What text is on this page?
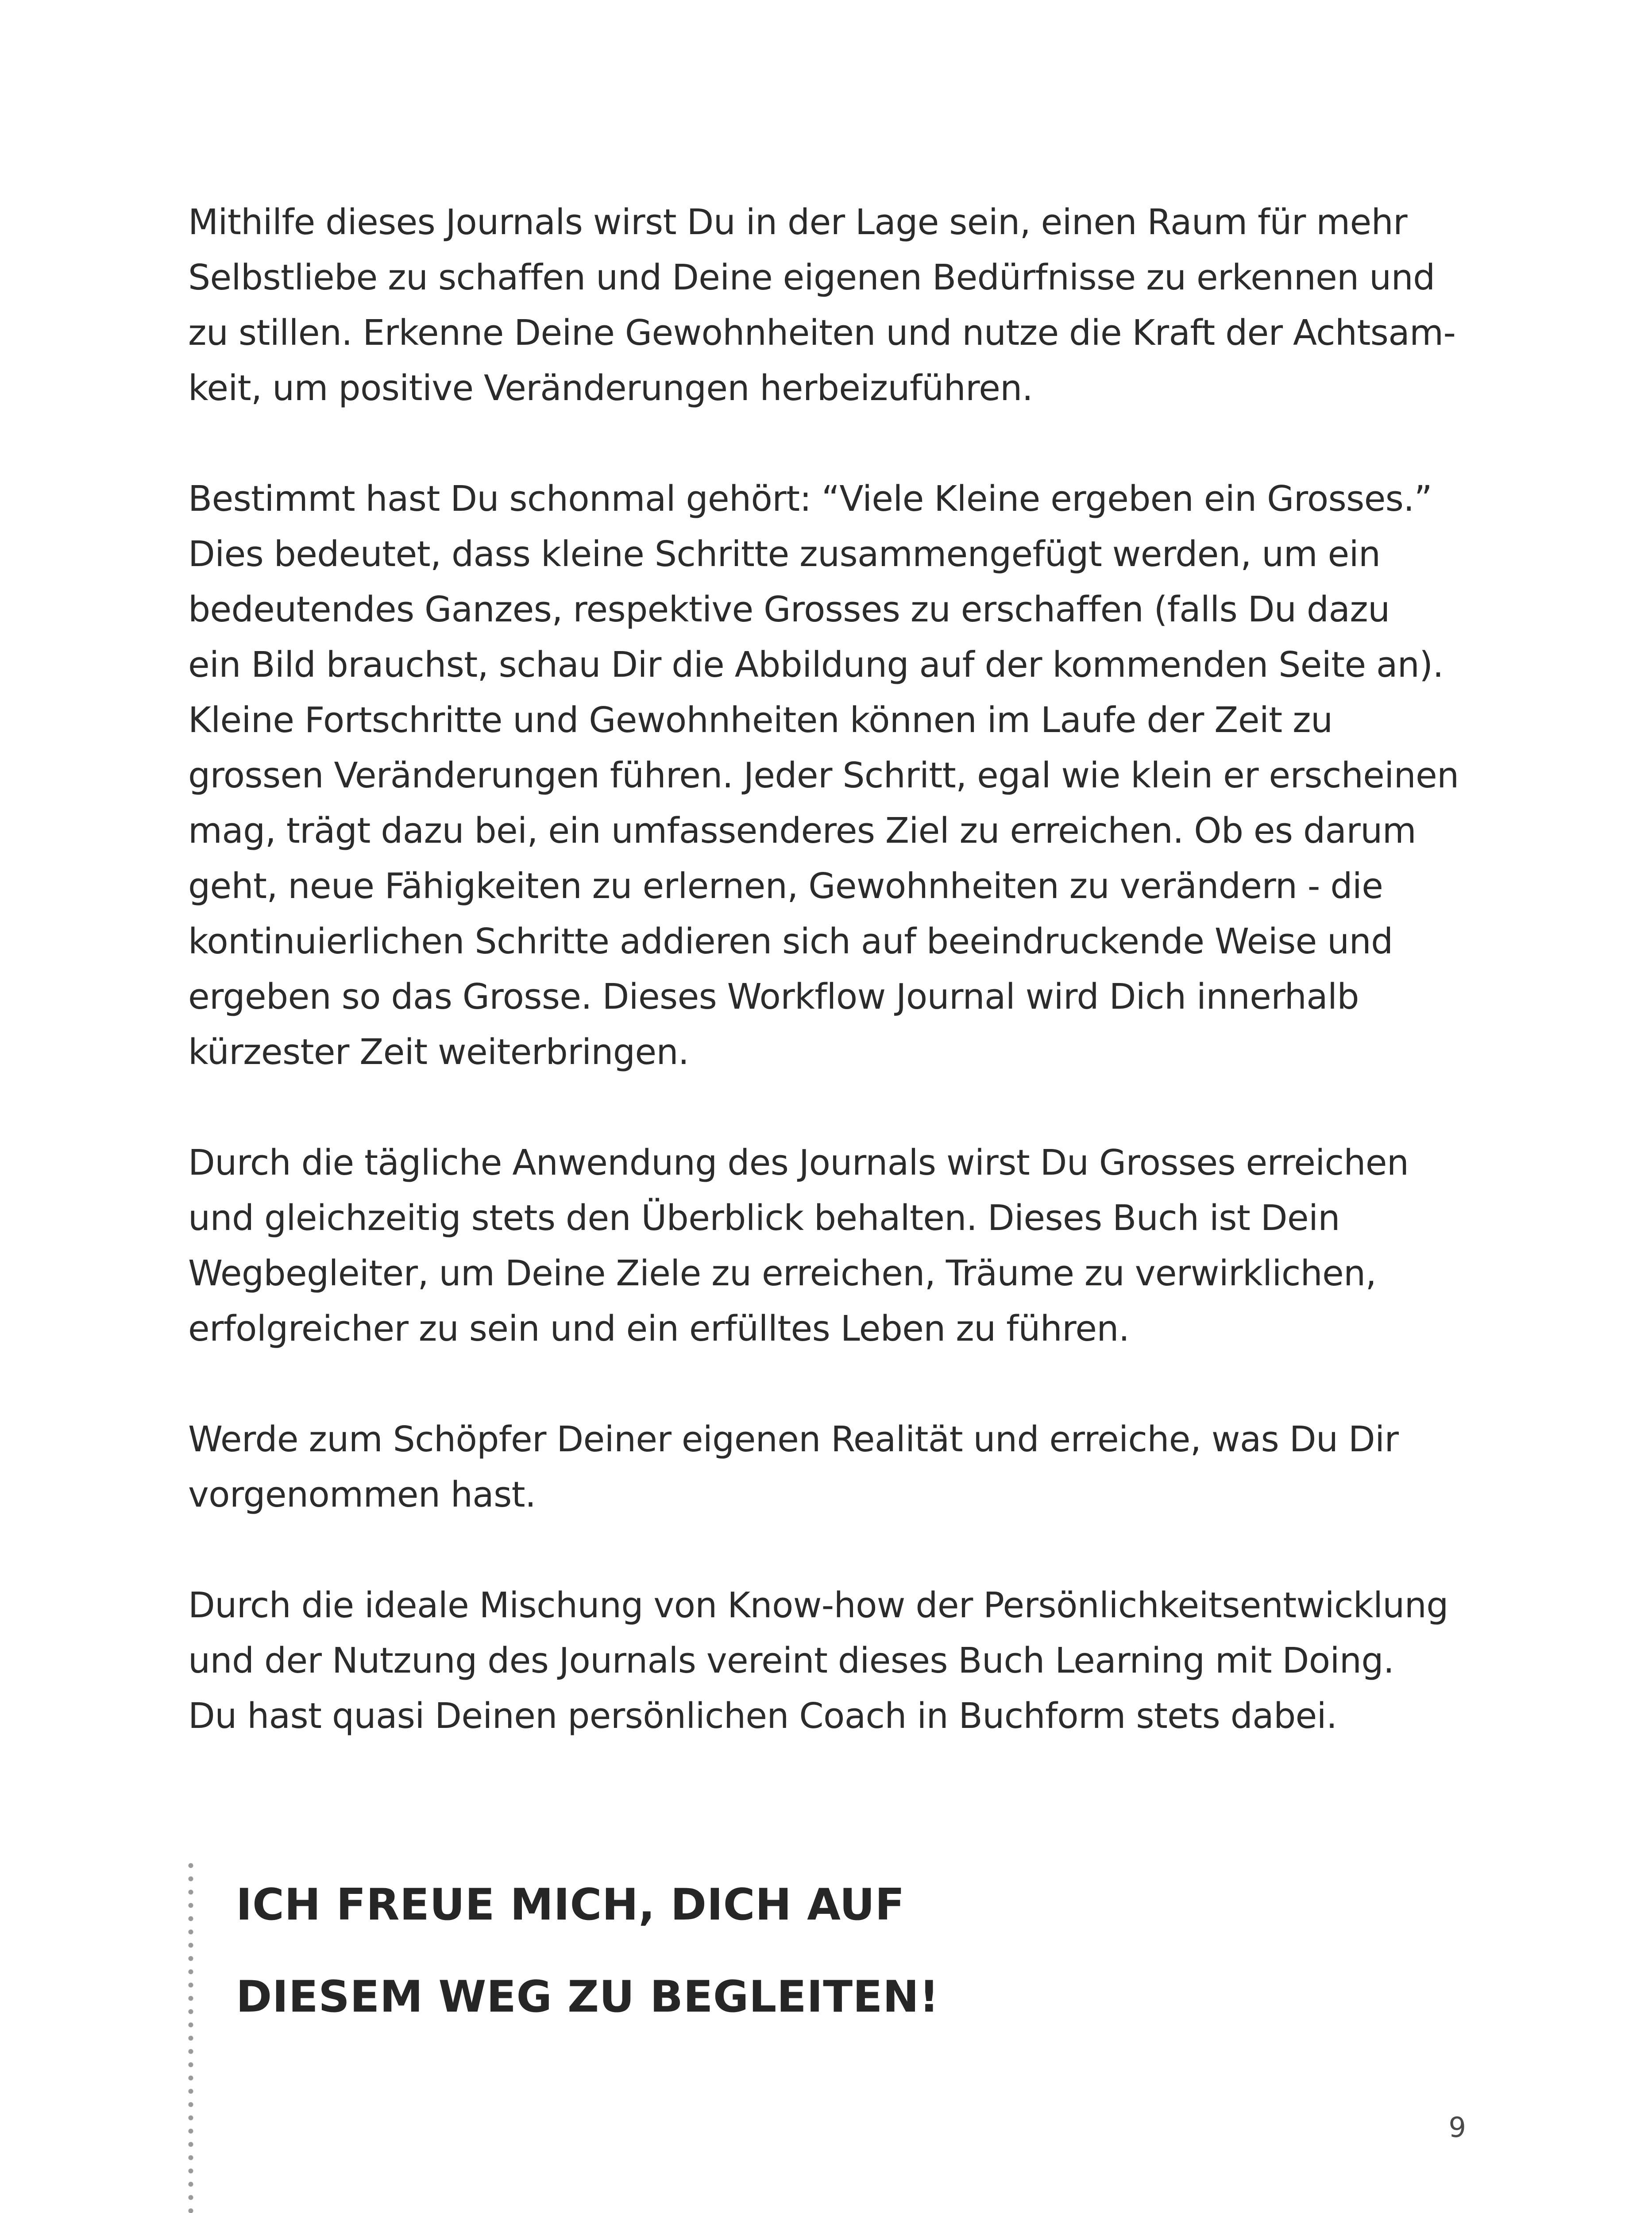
Mithilfe dieses Journals wirst Du in der Lage sein, einen Raum für mehr
Selbstliebe zu schaffen und Deine eigenen Bedürfnisse zu erkennen und
zu stillen. Erkenne Deine Gewohnheiten und nutze die Kraft der Achtsam-
keit, um positive Veränderungen herbeizuführen.

Bestimmt hast Du schonmal gehört: “Viele Kleine ergeben ein Grosses.”
Dies bedeutet, dass kleine Schritte zusammengefügt werden, um ein
bedeutendes Ganzes, respektive Grosses zu erschaffen (falls Du dazu
ein Bild brauchst, schau Dir die Abbildung auf der kommenden Seite an).
Kleine Fortschritte und Gewohnheiten können im Laufe der Zeit zu
grossen Veränderungen führen. Jeder Schritt, egal wie klein er erscheinen
mag, trägt dazu bei, ein umfassenderes Ziel zu erreichen. Ob es darum
geht, neue Fähigkeiten zu erlernen, Gewohnheiten zu verändern - die
kontinuierlichen Schritte addieren sich auf beeindruckende Weise und
ergeben so das Grosse. Dieses Workflow Journal wird Dich innerhalb
kürzester Zeit weiterbringen.

Durch die tägliche Anwendung des Journals wirst Du Grosses erreichen
und gleichzeitig stets den Überblick behalten. Dieses Buch ist Dein
Wegbegleiter, um Deine Ziele zu erreichen, Träume zu verwirklichen,
erfolgreicher zu sein und ein erfülltes Leben zu führen.

Werde zum Schöpfer Deiner eigenen Realität und erreiche, was Du Dir
vorgenommen hast.

Durch die ideale Mischung von Know-how der Persönlichkeitsentwicklung
und der Nutzung des Journals vereint dieses Buch Learning mit Doing.
Du hast quasi Deinen persönlichen Coach in Buchform stets dabei.

ICH FREUE MICH, DICH AUF
DIESEM WEG ZU BEGLEITEN!
9
